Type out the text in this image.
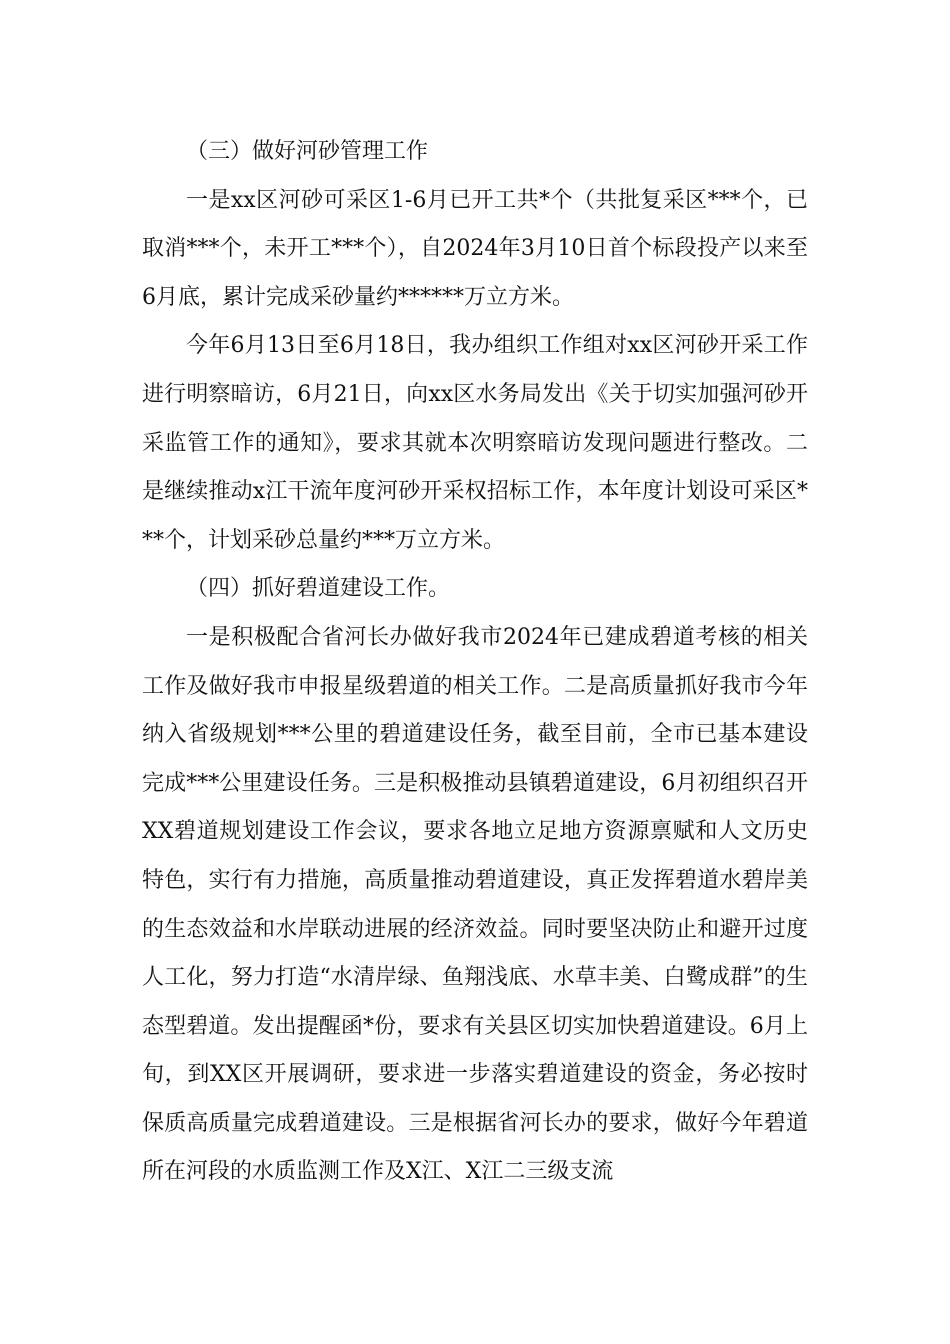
（三）做好河砂管理工作

一是xx区河砂可采区1-6月已开工共*个（共批复采区***个，已取消***个，未开工***个），自2024年3月10日首个标段投产以来至6月底，累计完成采砂量约******万立方米。

今年6月13日至6月18日，我办组织工作组对xx区河砂开采工作进行明察暗访，6月21日，向xx区水务局发出《关于切实加强河砂开采监管工作的通知》，要求其就本次明察暗访发现问题进行整改。二是继续推动x江干流年度河砂开采权招标工作，本年度计划设可采区***个，计划采砂总量约***万立方米。

（四）抓好碧道建设工作。

一是积极配合省河长办做好我市2024年已建成碧道考核的相关工作及做好我市申报星级碧道的相关工作。二是高质量抓好我市今年纳入省级规划***公里的碧道建设任务，截至目前，全市已基本建设完成***公里建设任务。三是积极推动县镇碧道建设，6月初组织召开XX碧道规划建设工作会议，要求各地立足地方资源禀赋和人文历史特色，实行有力措施，高质量推动碧道建设，真正发挥碧道水碧岸美的生态效益和水岸联动进展的经济效益。同时要坚决防止和避开过度人工化，努力打造“水清岸绿、鱼翔浅底、水草丰美、白鹭成群”的生态型碧道。发出提醒函*份，要求有关县区切实加快碧道建设。6月上旬，到XX区开展调研，要求进一步落实碧道建设的资金，务必按时保质高质量完成碧道建设。三是根据省河长办的要求，做好今年碧道所在河段的水质监测工作及X江、X江二三级支流
